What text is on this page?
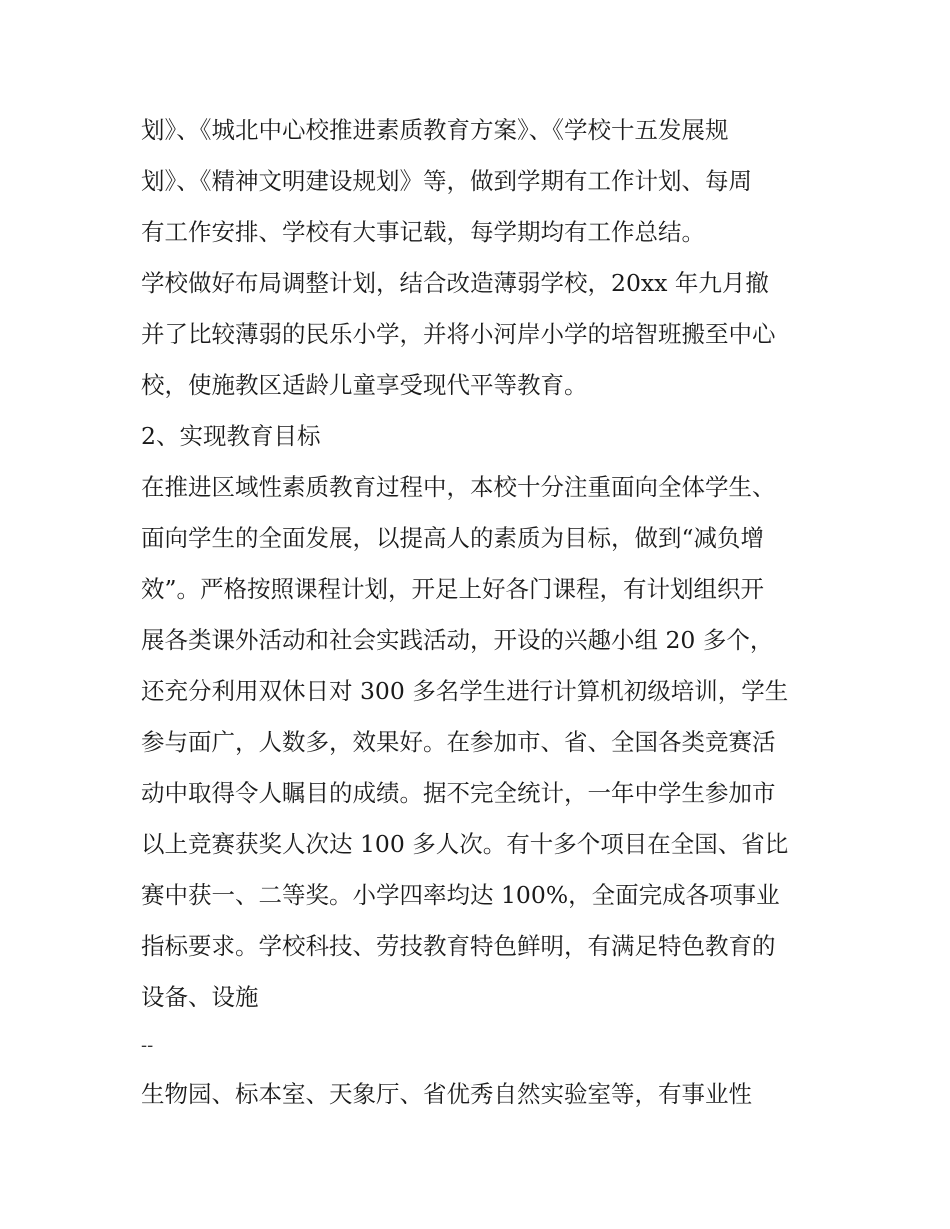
划》、《城北中心校推进素质教育方案》、《学校十五发展规
划》、《精神文明建设规划》等，做到学期有工作计划、每周
有工作安排、学校有大事记载，每学期均有工作总结。
学校做好布局调整计划，结合改造薄弱学校，20xx 年九月撤
并了比较薄弱的民乐小学，并将小河岸小学的培智班搬至中心
校，使施教区适龄儿童享受现代平等教育。
2、实现教育目标
在推进区域性素质教育过程中，本校十分注重面向全体学生、
面向学生的全面发展，以提高人的素质为目标，做到“减负增
效”。严格按照课程计划，开足上好各门课程，有计划组织开
展各类课外活动和社会实践活动，开设的兴趣小组 20 多个，
还充分利用双休日对 300 多名学生进行计算机初级培训，学生
参与面广，人数多，效果好。在参加市、省、全国各类竞赛活
动中取得令人瞩目的成绩。据不完全统计，一年中学生参加市
以上竞赛获奖人次达 100 多人次。有十多个项目在全国、省比
赛中获一、二等奖。小学四率均达 100%，全面完成各项事业
指标要求。学校科技、劳技教育特色鲜明，有满足特色教育的
设备、设施
--
生物园、标本室、天象厅、省优秀自然实验室等，有事业性
